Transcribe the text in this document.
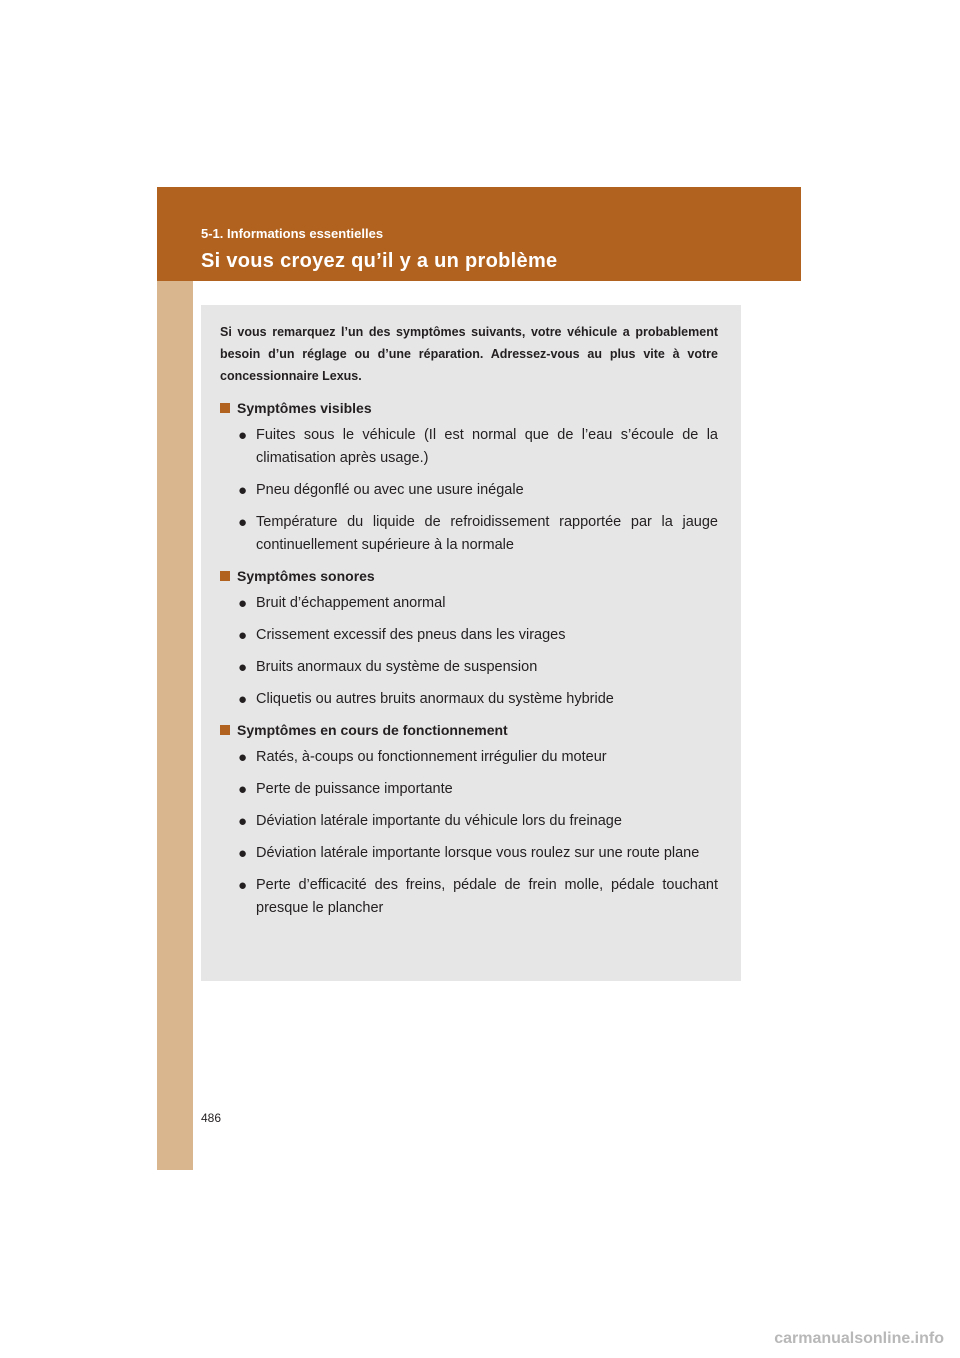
5-1. Informations essentielles
Si vous croyez qu’il y a un problème
Si vous remarquez l’un des symptômes suivants, votre véhicule a probablement besoin d’un réglage ou d’une réparation. Adressez-vous au plus vite à votre concessionnaire Lexus.
Symptômes visibles
● Fuites sous le véhicule (Il est normal que de l’eau s’écoule de la climatisation après usage.)
● Pneu dégonflé ou avec une usure inégale
● Température du liquide de refroidissement rapportée par la jauge continuellement supérieure à la normale
Symptômes sonores
● Bruit d’échappement anormal
● Crissement excessif des pneus dans les virages
● Bruits anormaux du système de suspension
● Cliquetis ou autres bruits anormaux du système hybride
Symptômes en cours de fonctionnement
● Ratés, à-coups ou fonctionnement irrégulier du moteur
● Perte de puissance importante
● Déviation latérale importante du véhicule lors du freinage
● Déviation latérale importante lorsque vous roulez sur une route plane
● Perte d’efficacité des freins, pédale de frein molle, pédale touchant presque le plancher
486
carmanualsonline.info
